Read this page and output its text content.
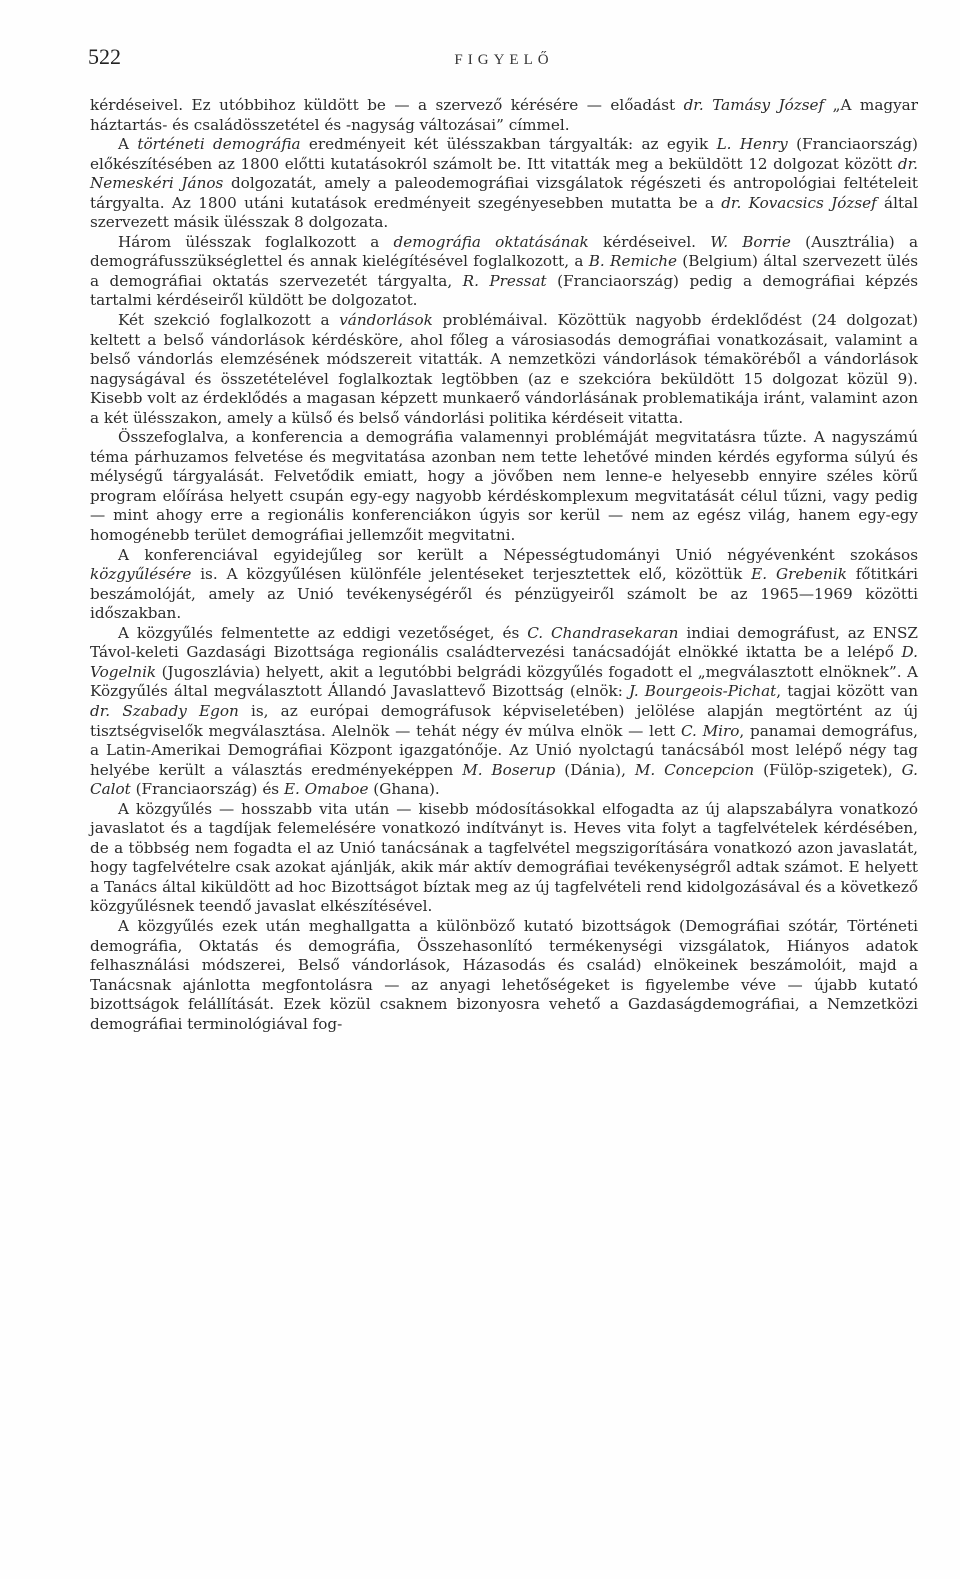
522	FIGYELŐ

kérdéseivel. Ez utóbbihoz küldött be — a szervező kérésére — előadást dr. Tamásy József „A magyar háztartás- és családösszetétel és -nagyság változásai” címmel.

A történeti demográfia eredményeit két ülésszakban tárgyalták: az egyik L. Henry (Franciaország) előkészítésében az 1800 előtti kutatásokról számolt be. Itt vitatták meg a beküldött 12 dolgozat között dr. Nemeskéri János dolgozatát, amely a paleodemográfiai vizsgálatok régészeti és antropológiai feltételeit tárgyalta. Az 1800 utáni kutatások eredményeit szegényesebben mutatta be a dr. Kovacsics József által szervezett másik ülésszak 8 dolgozata.

Három ülésszak foglalkozott a demográfia oktatásának kérdéseivel. W. Borrie (Ausztrália) a demográfusszükséglettel és annak kielégítésével foglalkozott, a B. Remiche (Belgium) által szervezett ülés a demográfiai oktatás szervezetét tárgyalta, R. Pressat (Franciaország) pedig a demográfiai képzés tartalmi kérdéseiről küldött be dolgozatot.

Két szekció foglalkozott a vándorlások problémáival. Közöttük nagyobb érdeklődést (24 dolgozat) keltett a belső vándorlások kérdésköre, ahol főleg a városiasodás demográfiai vonatkozásait, valamint a belső vándorlás elemzésének módszereit vitatták. A nemzetközi vándorlások témaköréből a vándorlások nagyságával és összetételével foglalkoztak legtöbben (az e szekcióra beküldött 15 dolgozat közül 9). Kisebb volt az érdeklődés a magasan képzett munkaerő vándorlásának problematikája iránt, valamint azon a két ülésszakon, amely a külső és belső vándorlási politika kérdéseit vitatta.

Összefoglalva, a konferencia a demográfia valamennyi problémáját megvitatásra tűzte. A nagyszámú téma párhuzamos felvetése és megvitatása azonban nem tette lehetővé minden kérdés egyforma súlyú és mélységű tárgyalását. Felvetődik emiatt, hogy a jövőben nem lenne-e helyesebb ennyire széles körű program előírása helyett csupán egy-egy nagyobb kérdéskomplexum megvitatását célul tűzni, vagy pedig — mint ahogy erre a regionális konferenciákon úgyis sor kerül — nem az egész világ, hanem egy-egy homogénebb terület demográfiai jellemzőit megvitatni.

A konferenciával egyidejűleg sor került a Népességtudományi Unió négyévenként szokásos közgyűlésére is. A közgyűlésen különféle jelentéseket terjesztettek elő, közöttük E. Grebenik főtitkári beszámolóját, amely az Unió tevékenységéről és pénzügyeiről számolt be az 1965—1969 közötti időszakban.

A közgyűlés felmentette az eddigi vezetőséget, és C. Chandrasekaran indiai demográfust, az ENSZ Távol-keleti Gazdasági Bizottsága regionális családtervezési tanácsadóját elnökké iktatta be a lelépő D. Vogelnik (Jugoszlávia) helyett, akit a legutóbbi belgrádi közgyűlés fogadott el „megválasztott elnöknek”. A Közgyűlés által megválasztott Állandó Javaslattevő Bizottság (elnök: J. Bourgeois-Pichat, tagjai között van dr. Szabady Egon is, az európai demográfusok képviseletében) jelölése alapján megtörtént az új tisztségviselők megválasztása. Alelnök — tehát négy év múlva elnök — lett C. Miro, panamai demográfus, a Latin-Amerikai Demográfiai Központ igazgatónője. Az Unió nyolctagú tanácsából most lelépő négy tag helyébe került a választás eredményeképpen M. Boserup (Dánia), M. Concepcion (Fülöp-szigetek), G. Calot (Franciaország) és E. Omaboe (Ghana).

A közgyűlés — hosszabb vita után — kisebb módosításokkal elfogadta az új alapszabályra vonatkozó javaslatot és a tagdíjak felemelésére vonatkozó indítványt is. Heves vita folyt a tagfelvételek kérdésében, de a többség nem fogadta el az Unió tanácsának a tagfelvétel megszigorítására vonatkozó azon javaslatát, hogy tagfelvételre csak azokat ajánlják, akik már aktív demográfiai tevékenységről adtak számot. E helyett a Tanács által kiküldött ad hoc Bizottságot bíztak meg az új tagfelvételi rend kidolgozásával és a következő közgyűlésnek teendő javaslat elkészítésével.

A közgyűlés ezek után meghallgatta a különböző kutató bizottságok (Demográfiai szótár, Történeti demográfia, Oktatás és demográfia, Összehasonlító termékenységi vizsgálatok, Hiányos adatok felhasználási módszerei, Belső vándorlások, Házasodás és család) elnökeinek beszámolóit, majd a Tanácsnak ajánlotta megfontolásra — az anyagi lehetőségeket is figyelembe véve — újabb kutató bizottságok felállítását. Ezek közül csaknem bizonyosra vehető a Gazdaságdemográfiai, a Nemzetközi demográfiai terminológiával fog-
